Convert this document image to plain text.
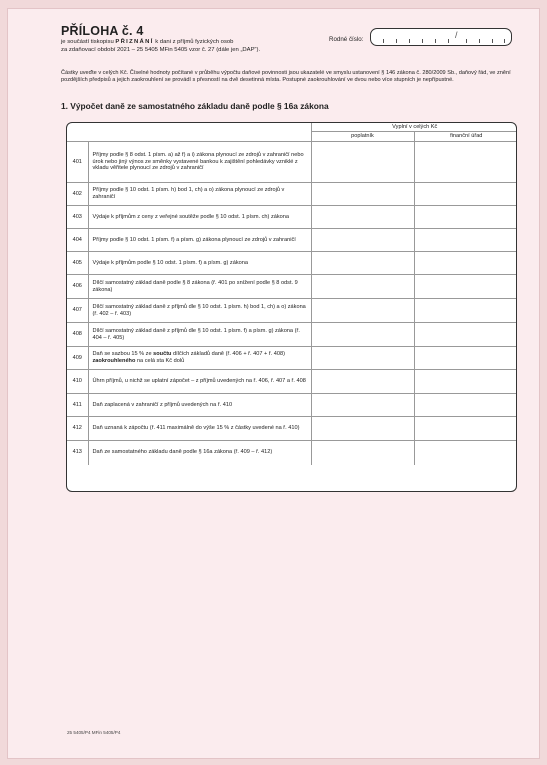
PŘÍLOHA č. 4
je součástí tiskopisu PŘIZNÁNÍ k dani z příjmů fyzických osob
za zdaňovací období 2021 – 25 5405 MFin 5405 vzor č. 27 (dále jen „DAP“).
Rodné číslo:	/
Částky uveďte v celých Kč. Číselné hodnoty počítané v průběhu výpočtu daňové povinnosti jsou ukazatelé ve smyslu ustanovení § 146 zákona č. 280/2009 Sb., daňový řád, ve znění pozdějších předpisů a jejich zaokrouhlení se provádí s přesností na dvě desetinná místa. Postupné zaokrouhlování ve dvou nebo více stupních je nepřípustné.
1. Výpočet daně ze samostatného základu daně podle § 16a zákona
		Vyplní v celých Kč	
		poplatník	finanční úřad
401	Příjmy podle § 8 odst. 1 písm. a) až f) a i) zákona plynoucí ze zdrojů v zahraničí nebo úrok nebo jiný výnos ze směnky vystavené bankou k zajištění pohledávky vzniklé z vkladu věřitele plynoucí ze zdrojů v zahraničí		
402	Příjmy podle § 10 odst. 1 písm. h) bod 1, ch) a o) zákona plynoucí ze zdrojů v zahraničí		
403	Výdaje k příjmům z ceny z veřejné soutěže podle § 10 odst. 1 písm. ch) zákona		
404	Příjmy podle § 10 odst. 1 písm. f) a písm. g) zákona plynoucí ze zdrojů v zahraničí		
405	Výdaje k příjmům podle § 10 odst. 1 písm. f) a písm. g) zákona		
406	Dílčí samostatný základ daně podle § 8 zákona (ř. 401 po snížení podle § 8 odst. 9 zákona)		
407	Dílčí samostatný základ daně z příjmů dle § 10 odst. 1 písm. h) bod 1, ch) a o) zákona (ř. 402 – ř. 403)		
408	Dílčí samostatný základ daně z příjmů dle § 10 odst. 1 písm. f) a písm. g) zákona (ř. 404 – ř. 405)		
409	Daň se sazbou 15 % ze součtu dílčích základů daně (ř. 406 + ř. 407 + ř. 408) zaokrouhleného na celá sta Kč dolů		
410	Úhrn příjmů, u nichž se uplatní zápočet – z příjmů uvedených na ř. 406, ř. 407 a ř. 408		
411	Daň zaplacená v zahraničí z příjmů uvedených na ř. 410		
412	Daň uznaná k zápočtu (ř. 411 maximálně do výše 15 % z částky uvedené na ř. 410)		
413	Daň ze samostatného základu daně podle § 16a zákona (ř. 409 – ř. 412)		
25 5405/P4 MFin 5405/P4
